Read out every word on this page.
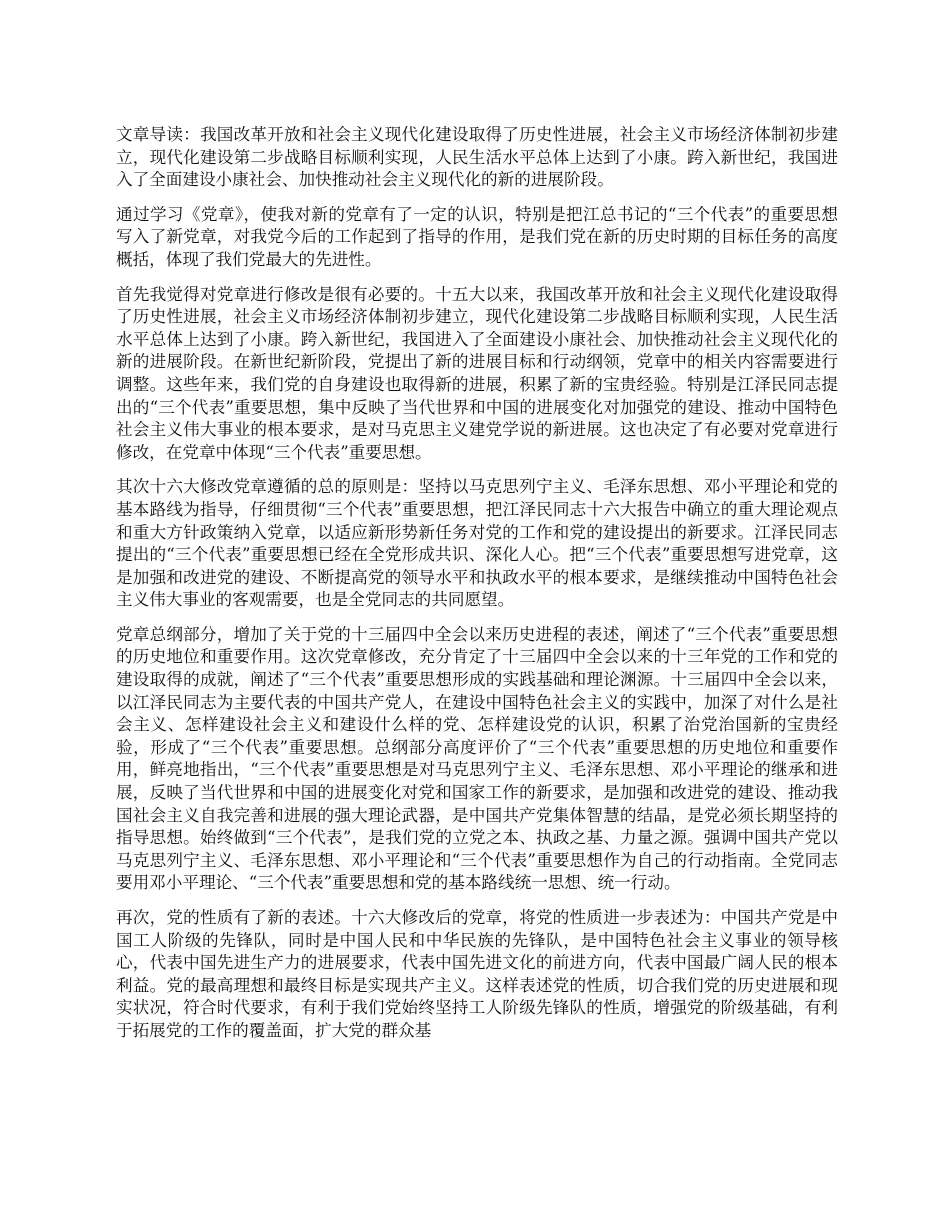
文章导读：我国改革开放和社会主义现代化建设取得了历史性进展，社会主义市场经济体制初步建立，现代化建设第二步战略目标顺利实现，人民生活水平总体上达到了小康。跨入新世纪，我国进入了全面建设小康社会、加快推动社会主义现代化的新的进展阶段。

通过学习《党章》，使我对新的党章有了一定的认识，特别是把江总书记的“三个代表”的重要思想写入了新党章，对我党今后的工作起到了指导的作用，是我们党在新的历史时期的目标任务的高度概括，体现了我们党最大的先进性。

首先我觉得对党章进行修改是很有必要的。十五大以来，我国改革开放和社会主义现代化建设取得了历史性进展，社会主义市场经济体制初步建立，现代化建设第二步战略目标顺利实现，人民生活水平总体上达到了小康。跨入新世纪，我国进入了全面建设小康社会、加快推动社会主义现代化的新的进展阶段。在新世纪新阶段，党提出了新的进展目标和行动纲领，党章中的相关内容需要进行调整。这些年来，我们党的自身建设也取得新的进展，积累了新的宝贵经验。特别是江泽民同志提出的“三个代表”重要思想，集中反映了当代世界和中国的进展变化对加强党的建设、推动中国特色社会主义伟大事业的根本要求，是对马克思主义建党学说的新进展。这也决定了有必要对党章进行修改，在党章中体现“三个代表”重要思想。

其次十六大修改党章遵循的总的原则是：坚持以马克思列宁主义、毛泽东思想、邓小平理论和党的基本路线为指导，仔细贯彻“三个代表”重要思想，把江泽民同志十六大报告中确立的重大理论观点和重大方针政策纳入党章，以适应新形势新任务对党的工作和党的建设提出的新要求。江泽民同志提出的“三个代表”重要思想已经在全党形成共识、深化人心。把“三个代表”重要思想写进党章，这是加强和改进党的建设、不断提高党的领导水平和执政水平的根本要求，是继续推动中国特色社会主义伟大事业的客观需要，也是全党同志的共同愿望。

党章总纲部分，增加了关于党的十三届四中全会以来历史进程的表述，阐述了“三个代表”重要思想的历史地位和重要作用。这次党章修改，充分肯定了十三届四中全会以来的十三年党的工作和党的建设取得的成就，阐述了“三个代表”重要思想形成的实践基础和理论渊源。十三届四中全会以来，以江泽民同志为主要代表的中国共产党人，在建设中国特色社会主义的实践中，加深了对什么是社会主义、怎样建设社会主义和建设什么样的党、怎样建设党的认识，积累了治党治国新的宝贵经验，形成了“三个代表”重要思想。总纲部分高度评价了“三个代表”重要思想的历史地位和重要作用，鲜亮地指出，“三个代表”重要思想是对马克思列宁主义、毛泽东思想、邓小平理论的继承和进展，反映了当代世界和中国的进展变化对党和国家工作的新要求，是加强和改进党的建设、推动我国社会主义自我完善和进展的强大理论武器，是中国共产党集体智慧的结晶，是党必须长期坚持的指导思想。始终做到“三个代表”，是我们党的立党之本、执政之基、力量之源。强调中国共产党以马克思列宁主义、毛泽东思想、邓小平理论和“三个代表”重要思想作为自己的行动指南。全党同志要用邓小平理论、“三个代表”重要思想和党的基本路线统一思想、统一行动。

再次，党的性质有了新的表述。十六大修改后的党章，将党的性质进一步表述为：中国共产党是中国工人阶级的先锋队，同时是中国人民和中华民族的先锋队，是中国特色社会主义事业的领导核心，代表中国先进生产力的进展要求，代表中国先进文化的前进方向，代表中国最广阔人民的根本利益。党的最高理想和最终目标是实现共产主义。这样表述党的性质，切合我们党的历史进展和现实状况，符合时代要求，有利于我们党始终坚持工人阶级先锋队的性质，增强党的阶级基础，有利于拓展党的工作的覆盖面，扩大党的群众基
